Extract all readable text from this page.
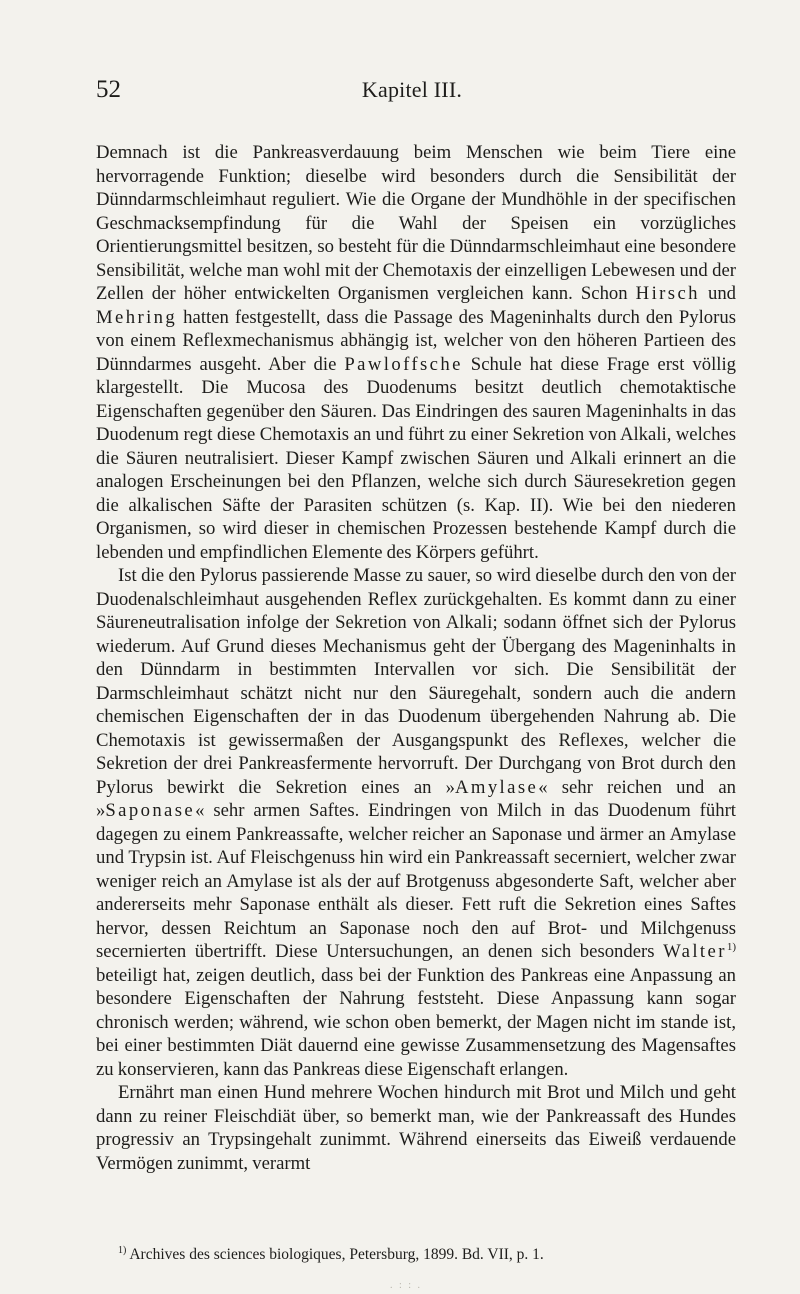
52	Kapitel III.

Demnach ist die Pankreasverdauung beim Menschen wie beim Tiere eine hervorragende Funktion; dieselbe wird besonders durch die Sensibilität der Dünndarmschleimhaut reguliert. Wie die Organe der Mundhöhle in der specifischen Geschmacksempfindung für die Wahl der Speisen ein vorzügliches Orientierungsmittel besitzen, so besteht für die Dünndarmschleimhaut eine besondere Sensibilität, welche man wohl mit der Chemotaxis der einzelligen Lebewesen und der Zellen der höher entwickelten Organismen vergleichen kann. Schon Hirsch und Mehring hatten festgestellt, dass die Passage des Mageninhalts durch den Pylorus von einem Reflexmechanismus abhängig ist, welcher von den höheren Partieen des Dünndarmes ausgeht. Aber die Pawloffsche Schule hat diese Frage erst völlig klargestellt. Die Mucosa des Duodenums besitzt deutlich chemotaktische Eigenschaften gegenüber den Säuren. Das Eindringen des sauren Mageninhalts in das Duodenum regt diese Chemotaxis an und führt zu einer Sekretion von Alkali, welches die Säuren neutralisiert. Dieser Kampf zwischen Säuren und Alkali erinnert an die analogen Erscheinungen bei den Pflanzen, welche sich durch Säuresekretion gegen die alkalischen Säfte der Parasiten schützen (s. Kap. II). Wie bei den niederen Organismen, so wird dieser in chemischen Prozessen bestehende Kampf durch die lebenden und empfindlichen Elemente des Körpers geführt.

Ist die den Pylorus passierende Masse zu sauer, so wird dieselbe durch den von der Duodenalschleimhaut ausgehenden Reflex zurückgehalten. Es kommt dann zu einer Säureneutralisation infolge der Sekretion von Alkali; sodann öffnet sich der Pylorus wiederum. Auf Grund dieses Mechanismus geht der Übergang des Mageninhalts in den Dünndarm in bestimmten Intervallen vor sich. Die Sensibilität der Darmschleimhaut schätzt nicht nur den Säuregehalt, sondern auch die andern chemischen Eigenschaften der in das Duodenum übergehenden Nahrung ab. Die Chemotaxis ist gewissermaßen der Ausgangspunkt des Reflexes, welcher die Sekretion der drei Pankreasfermente hervorruft. Der Durchgang von Brot durch den Pylorus bewirkt die Sekretion eines an »Amylase« sehr reichen und an »Saponase« sehr armen Saftes. Eindringen von Milch in das Duodenum führt dagegen zu einem Pankreassafte, welcher reicher an Saponase und ärmer an Amylase und Trypsin ist. Auf Fleischgenuss hin wird ein Pankreassaft secerniert, welcher zwar weniger reich an Amylase ist als der auf Brotgenuss abgesonderte Saft, welcher aber andererseits mehr Saponase enthält als dieser. Fett ruft die Sekretion eines Saftes hervor, dessen Reichtum an Saponase noch den auf Brot- und Milchgenuss secernierten übertrifft. Diese Untersuchungen, an denen sich besonders Walter$^{1)}$ beteiligt hat, zeigen deutlich, dass bei der Funktion des Pankreas eine Anpassung an besondere Eigenschaften der Nahrung feststeht. Diese Anpassung kann sogar chronisch werden; während, wie schon oben bemerkt, der Magen nicht im stande ist, bei einer bestimmten Diät dauernd eine gewisse Zusammensetzung des Magensaftes zu konservieren, kann das Pankreas diese Eigenschaft erlangen.

Ernährt man einen Hund mehrere Wochen hindurch mit Brot und Milch und geht dann zu reiner Fleischdiät über, so bemerkt man, wie der Pankreassaft des Hundes progressiv an Trypsingehalt zunimmt. Während einerseits das Eiweiß verdauende Vermögen zunimmt, verarmt

$^{1)}$ Archives des sciences biologiques, Petersburg, 1899. Bd. VII, p. 1.
. : : .
